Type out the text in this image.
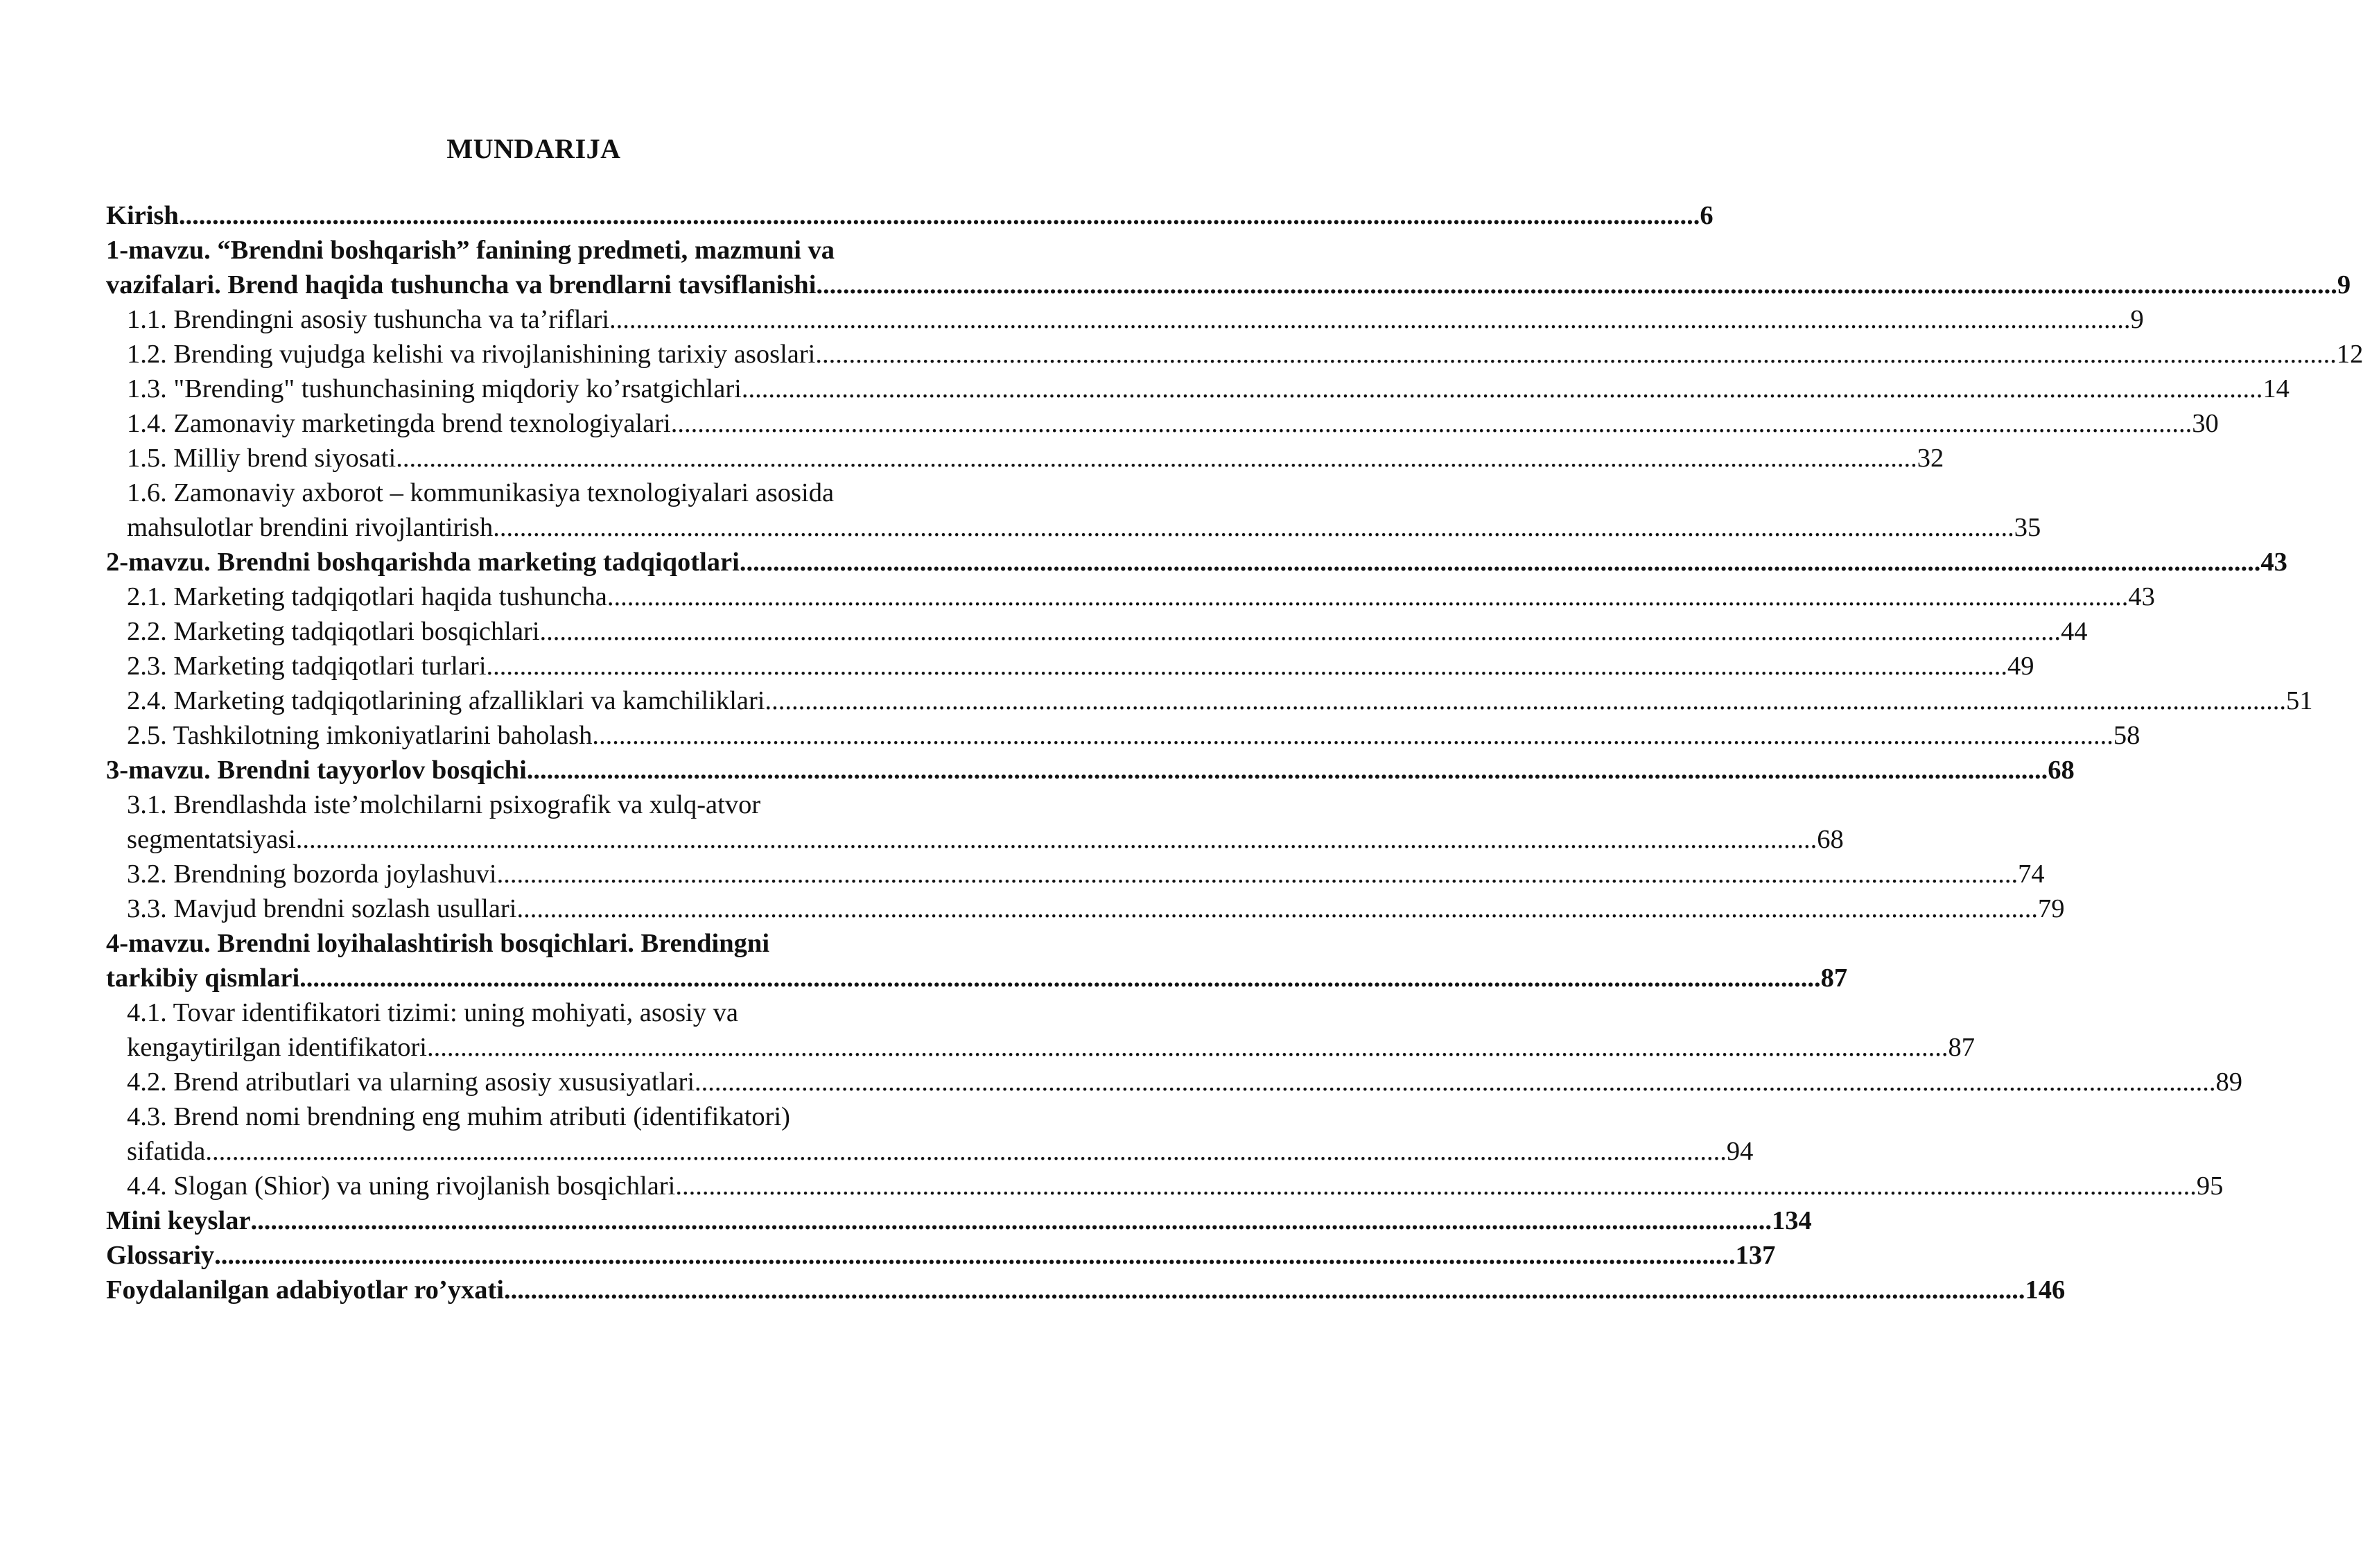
MUNDARIJA
Kirish .................................................................................................................................................................................................................................... 6
1-mavzu. “Brendni boshqarish” fanining predmeti, mazmuni va
vazifalari. Brend haqida tushuncha va brendlarni tavsiflanishi .................................................................................................................................................................................................................................... 9
1.1. Brendingni asosiy tushuncha va ta’riflari .................................................................................................................................................................................................................................... 9
1.2. Brending vujudga kelishi va rivojlanishining tarixiy asoslari .................................................................................................................................................................................................................................... 12
1.3. "Brending" tushunchasining miqdoriy ko’rsatgichlari .................................................................................................................................................................................................................................... 14
1.4. Zamonaviy marketingda brend texnologiyalari .................................................................................................................................................................................................................................... 30
1.5. Milliy brend siyosati .................................................................................................................................................................................................................................... 32
1.6. Zamonaviy axborot – kommunikasiya texnologiyalari asosida
mahsulotlar brendini rivojlantirish .................................................................................................................................................................................................................................... 35
2-mavzu. Brendni boshqarishda marketing tadqiqotlari .................................................................................................................................................................................................................................... 43
2.1. Marketing tadqiqotlari haqida tushuncha .................................................................................................................................................................................................................................... 43
2.2. Marketing tadqiqotlari bosqichlari .................................................................................................................................................................................................................................... 44
2.3. Marketing tadqiqotlari turlari .................................................................................................................................................................................................................................... 49
2.4. Marketing tadqiqotlarining afzalliklari va kamchiliklari .................................................................................................................................................................................................................................... 51
2.5. Tashkilotning imkoniyatlarini baholash .................................................................................................................................................................................................................................... 58
3-mavzu. Brendni tayyorlov bosqichi .................................................................................................................................................................................................................................... 68
3.1. Brendlashda iste’molchilarni psixografik va xulq-atvor
segmentatsiyasi .................................................................................................................................................................................................................................... 68
3.2. Brendning bozorda joylashuvi .................................................................................................................................................................................................................................... 74
3.3. Mavjud brendni sozlash usullari .................................................................................................................................................................................................................................... 79
4-mavzu. Brendni loyihalashtirish bosqichlari. Brendingni
tarkibiy qismlari .................................................................................................................................................................................................................................... 87
4.1. Tovar identifikatori tizimi: uning mohiyati, asosiy va
kengaytirilgan identifikatori .................................................................................................................................................................................................................................... 87
4.2. Brend atributlari va ularning asosiy xususiyatlari .................................................................................................................................................................................................................................... 89
4.3. Brend nomi brendning eng muhim atributi (identifikatori)
sifatida .................................................................................................................................................................................................................................... 94
4.4. Slogan (Shior) va uning rivojlanish bosqichlari .................................................................................................................................................................................................................................... 95
Mini keyslar .................................................................................................................................................................................................................................... 134
Glossariy .................................................................................................................................................................................................................................... 137
Foydalanilgan adabiyotlar ro’yxati .................................................................................................................................................................................................................................... 146
